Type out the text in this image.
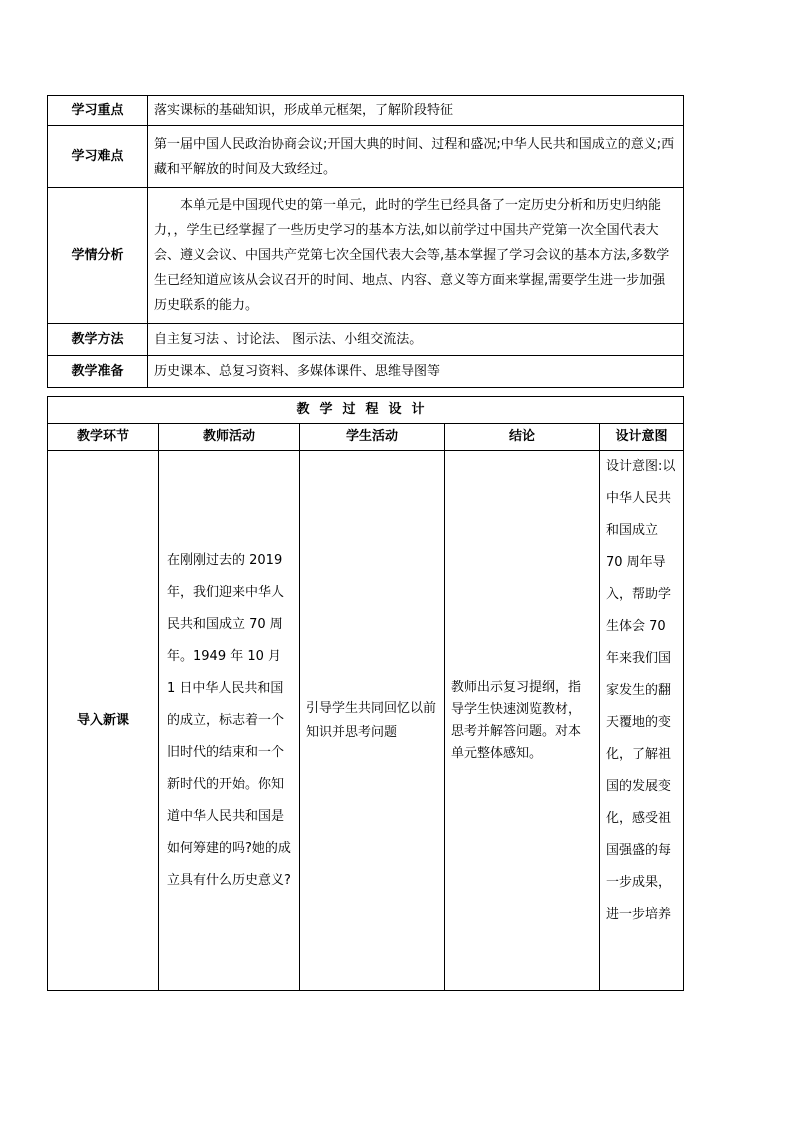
学习重点	落实课标的基础知识，形成单元框架，了解阶段特征
学习难点	第一届中国人民政治协商会议;开国大典的时间、过程和盛况;中华人民共和国成立的意义;西藏和平解放的时间及大致经过。
学情分析	本单元是中国现代史的第一单元，此时的学生已经具备了一定历史分析和历史归纳能力，，学生已经掌握了一些历史学习的基本方法,如以前学过中国共产党第一次全国代表大会、遵义会议、中国共产党第七次全国代表大会等,基本掌握了学习会议的基本方法,多数学生已经知道应该从会议召开的时间、地点、内容、意义等方面来掌握,需要学生进一步加强历史联系的能力。
教学方法	自主复习法 、讨论法、 图示法、小组交流法。
教学准备	历史课本、总复习资料、多媒体课件、思维导图等
教学过程设计				
教学环节	教师活动	学生活动	结论	设计意图
导入新课	在刚刚过去的 2019 年，我们迎来中华人民共和国成立 70 周年。1949 年 10 月 1 日中华人民共和国的成立，标志着一个旧时代的结束和一个新时代的开始。你知道中华人民共和国是如何筹建的吗?她的成立具有什么历史意义?	引导学生共同回忆以前知识并思考问题	教师出示复习提纲，指导学生快速浏览教材，思考并解答问题。对本单元整体感知。	设计意图:以中华人民共和国成立 70 周年导入，帮助学生体会 70 年来我们国家发生的翻天覆地的变化，了解祖国的发展变化，感受祖国强盛的每一步成果，进一步培养
